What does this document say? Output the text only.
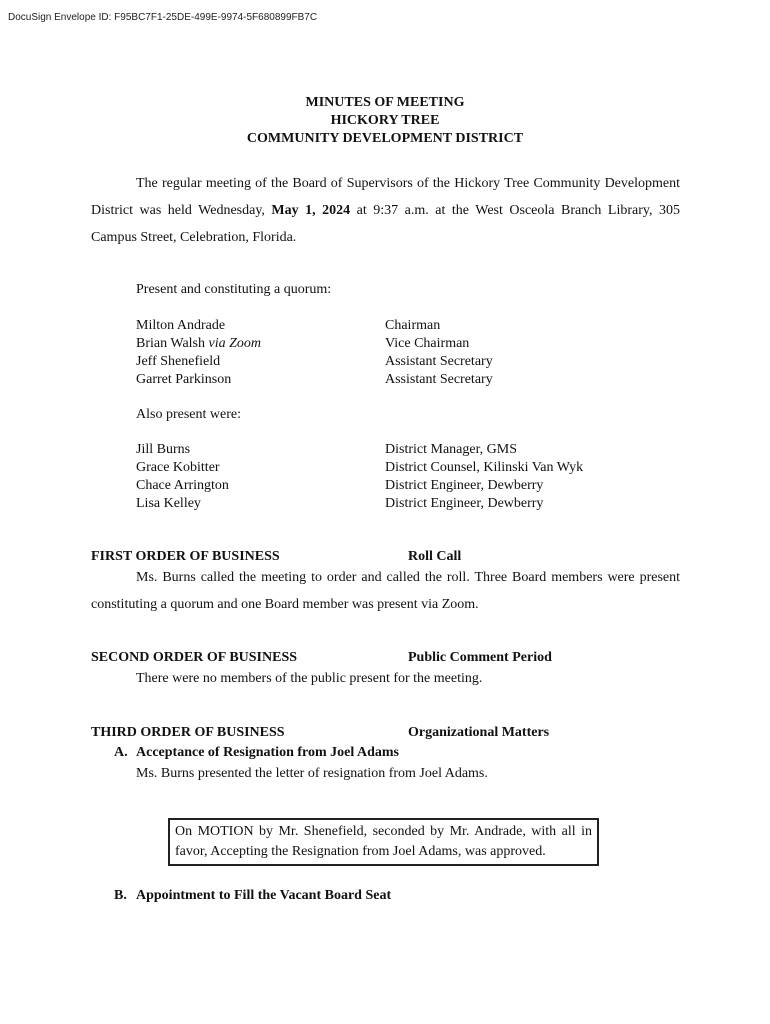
DocuSign Envelope ID: F95BC7F1-25DE-499E-9974-5F680899FB7C
MINUTES OF MEETING
HICKORY TREE
COMMUNITY DEVELOPMENT DISTRICT
The regular meeting of the Board of Supervisors of the Hickory Tree Community Development District was held Wednesday, May 1, 2024 at 9:37 a.m. at the West Osceola Branch Library, 305 Campus Street, Celebration, Florida.
Present and constituting a quorum:
Milton Andrade	Chairman
Brian Walsh via Zoom	Vice Chairman
Jeff Shenefield	Assistant Secretary
Garret Parkinson	Assistant Secretary
Also present were:
Jill Burns	District Manager, GMS
Grace Kobitter	District Counsel, Kilinski Van Wyk
Chace Arrington	District Engineer, Dewberry
Lisa Kelley	District Engineer, Dewberry
FIRST ORDER OF BUSINESS	Roll Call
Ms. Burns called the meeting to order and called the roll. Three Board members were present constituting a quorum and one Board member was present via Zoom.
SECOND ORDER OF BUSINESS	Public Comment Period
There were no members of the public present for the meeting.
THIRD ORDER OF BUSINESS	Organizational Matters
A. Acceptance of Resignation from Joel Adams
Ms. Burns presented the letter of resignation from Joel Adams.
On MOTION by Mr. Shenefield, seconded by Mr. Andrade, with all in favor, Accepting the Resignation from Joel Adams, was approved.
B. Appointment to Fill the Vacant Board Seat
